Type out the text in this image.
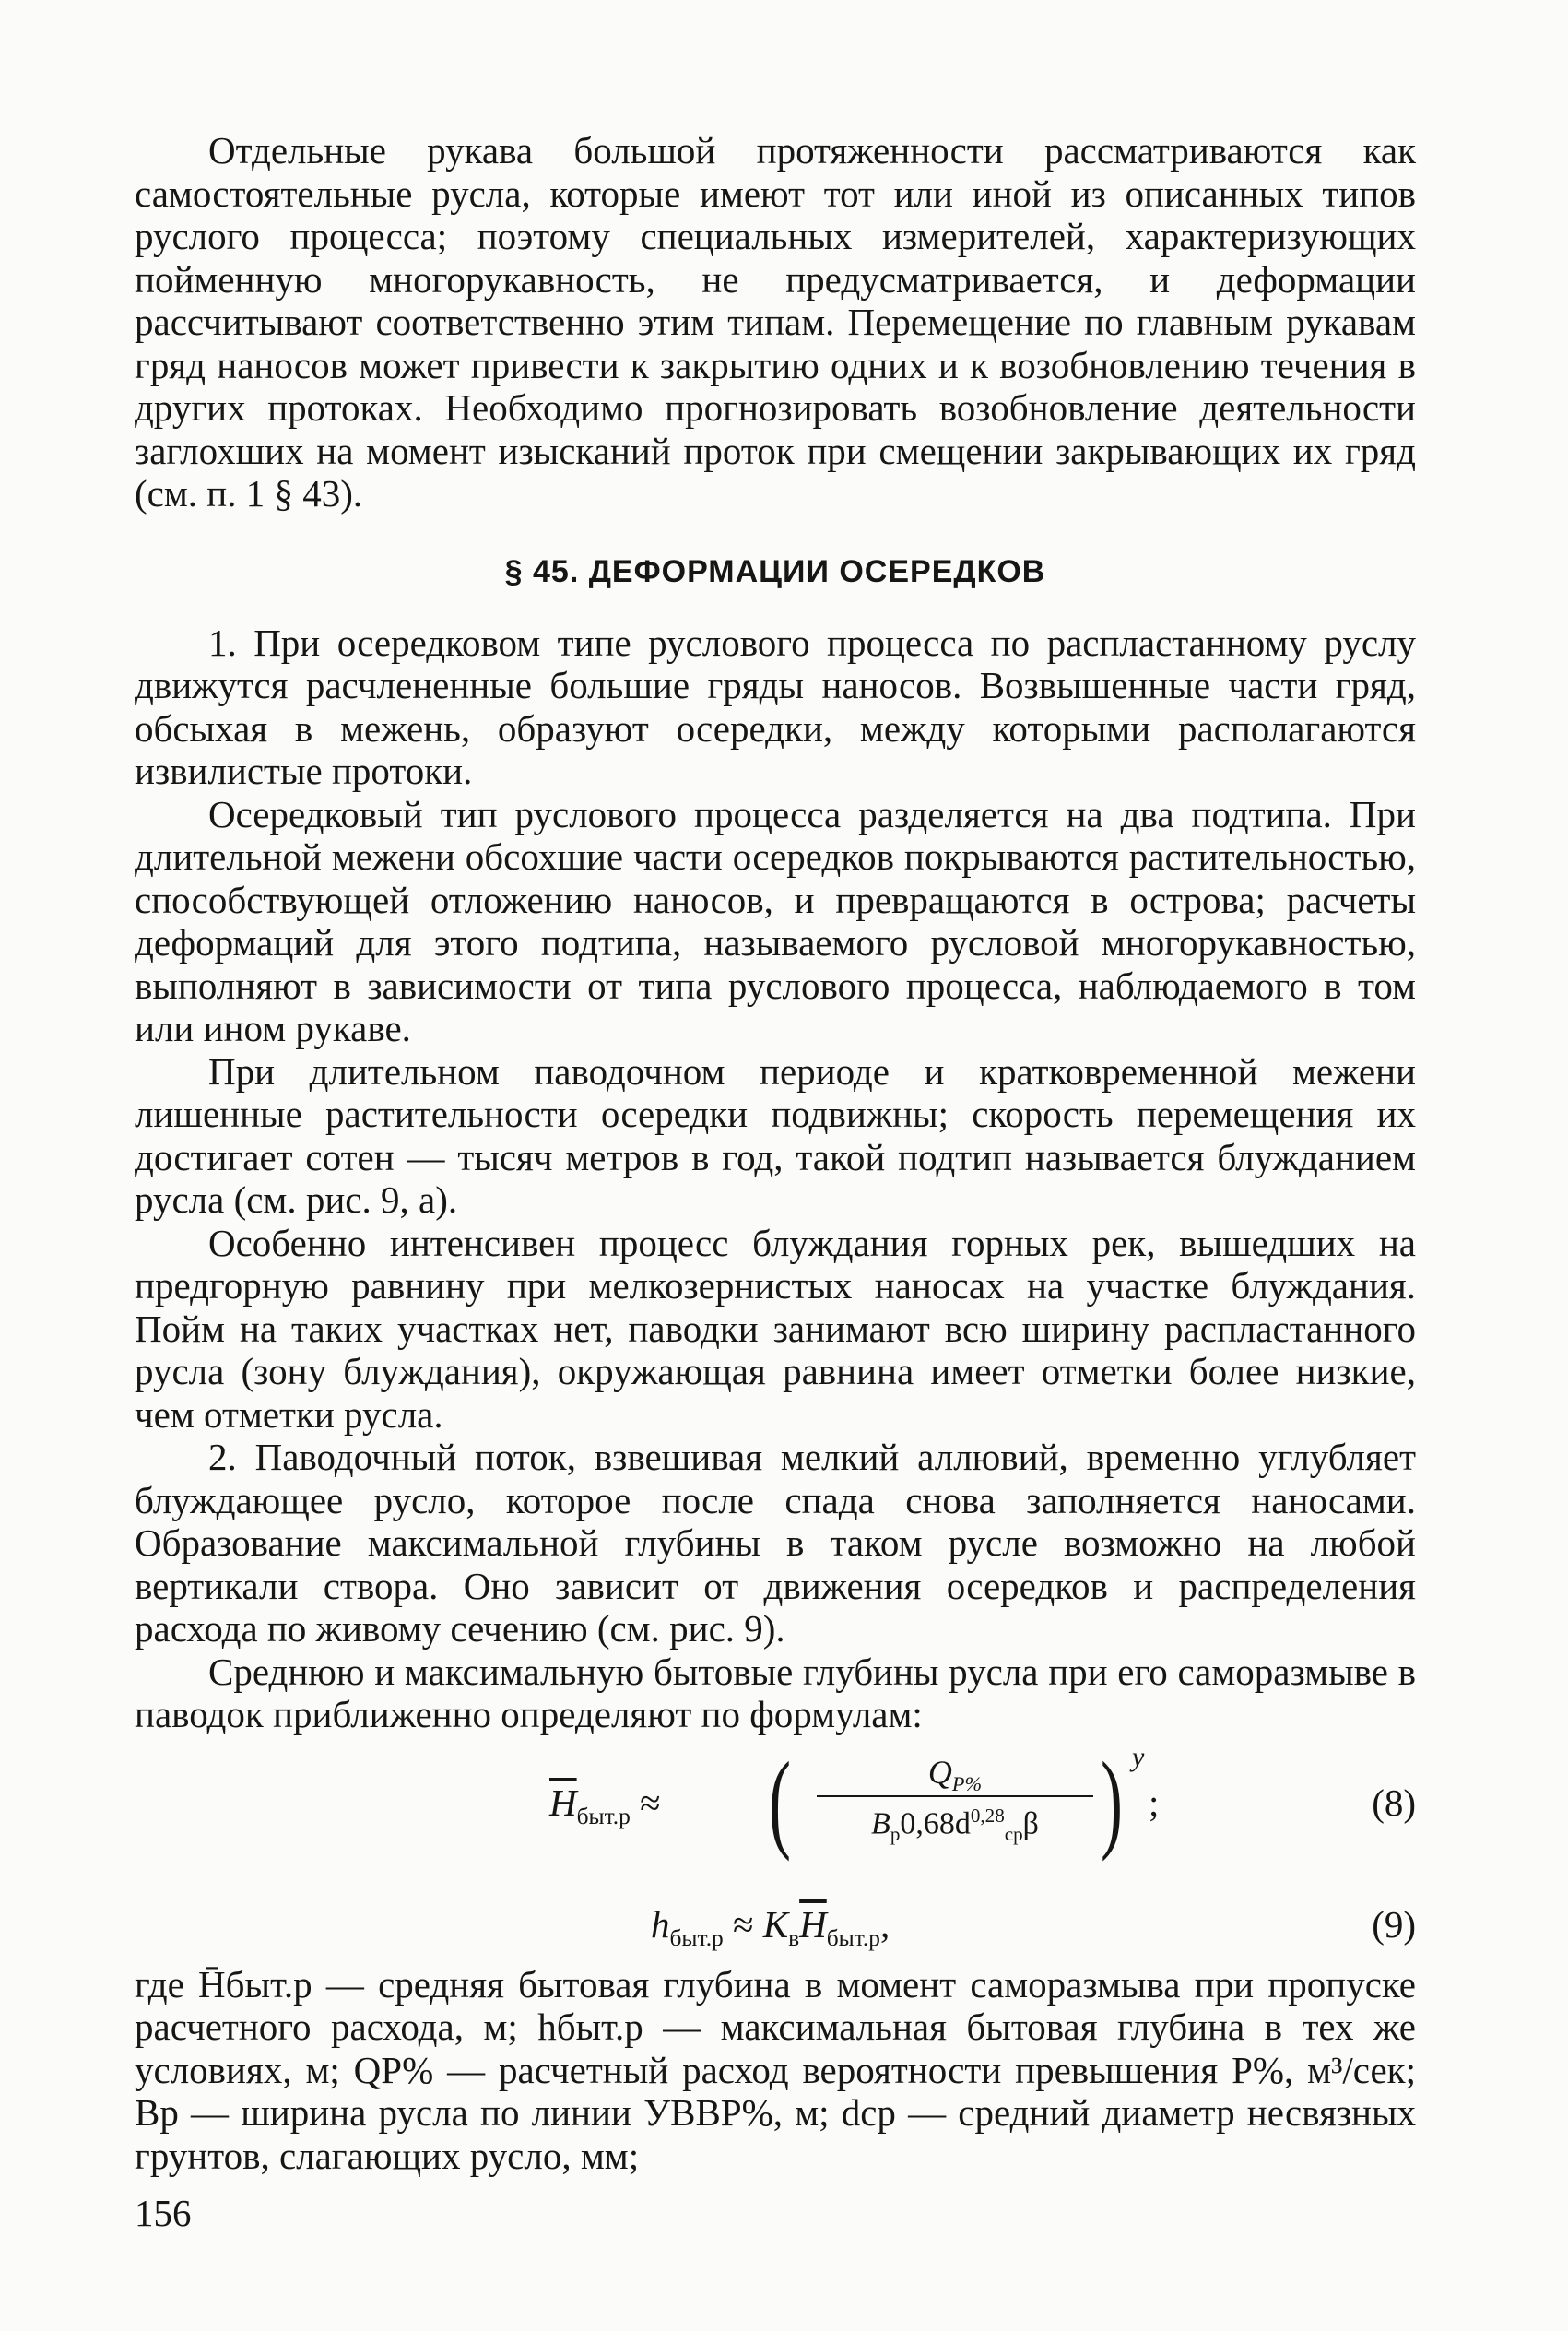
Отдельные рукава большой протяженности рассматриваются как самостоятельные русла, которые имеют тот или иной из описанных типов руслого процесса; поэтому специальных измерителей, характеризующих пойменную многорукавность, не предусматривается, и деформации рассчитывают соответственно этим типам. Перемещение по главным рукавам гряд наносов может привести к закрытию одних и к возобновлению течения в других протоках. Необходимо прогнозировать возобновление деятельности заглохших на момент изысканий проток при смещении закрывающих их гряд (см. п. 1 § 43).

§ 45. ДЕФОРМАЦИИ ОСЕРЕДКОВ

1. При осередковом типе руслового процесса по распластанному руслу движутся расчлененные большие гряды наносов. Возвышенные части гряд, обсыхая в межень, образуют осередки, между которыми располагаются извилистые протоки.

Осередковый тип руслового процесса разделяется на два подтипа. При длительной межени обсохшие части осередков покрываются растительностью, способствующей отложению наносов, и превращаются в острова; расчеты деформаций для этого подтипа, называемого русловой многорукавностью, выполняют в зависимости от типа руслового процесса, наблюдаемого в том или ином рукаве.

При длительном паводочном периоде и кратковременной межени лишенные растительности осередки подвижны; скорость перемещения их достигает сотен — тысяч метров в год, такой подтип называется блужданием русла (см. рис. 9, а).

Особенно интенсивен процесс блуждания горных рек, вышедших на предгорную равнину при мелкозернистых наносах на участке блуждания. Пойм на таких участках нет, паводки занимают всю ширину распластанного русла (зону блуждания), окружающая равнина имеет отметки более низкие, чем отметки русла.

2. Паводочный поток, взвешивая мелкий аллювий, временно углубляет блуждающее русло, которое после спада снова заполняется наносами. Образование максимальной глубины в таком русле возможно на любой вертикали створа. Оно зависит от движения осередков и распределения расхода по живому сечению (см. рис. 9).

Среднюю и максимальную бытовые глубины русла при его саморазмыве в паводок приближенно определяют по формулам:

$\overline{H}_{быт.р}$ ≈ (	$Q_{P\%}$
$B_р0,68d^{0,28}_{ср}\beta$ ) y
;	(8)
$h_{быт.р} \approx K_в\overline{H}_{быт.р}$,	(9)

где H̄быт.р — средняя бытовая глубина в момент саморазмыва при пропуске расчетного расхода, м; hбыт.р — максимальная бытовая глубина в тех же условиях, м; QP% — расчетный расход вероятности превышения P%, м³/сек; Bр — ширина русла по линии УВВP%, м; dср — средний диаметр несвязных грунтов, слагающих русло, мм;

156
